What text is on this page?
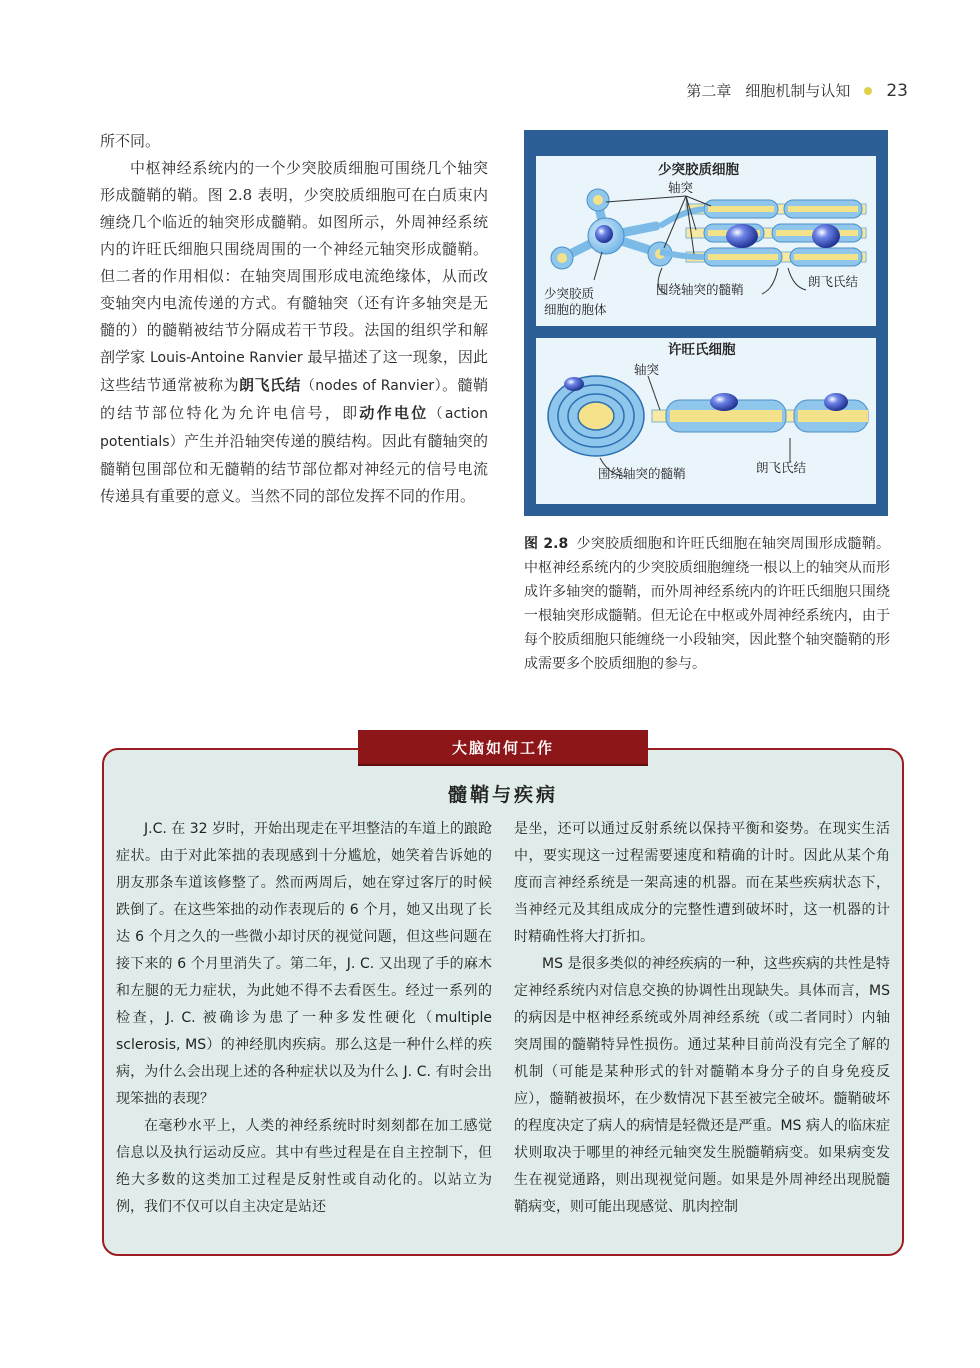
第二章 细胞机制与认知 23

所不同。

中枢神经系统内的一个少突胶质细胞可围绕几个轴突形成髓鞘的鞘。图 2.8 表明，少突胶质细胞可在白质束内缠绕几个临近的轴突形成髓鞘。如图所示，外周神经系统内的许旺氏细胞只围绕周围的一个神经元轴突形成髓鞘。但二者的作用相似：在轴突周围形成电流绝缘体，从而改变轴突内电流传递的方式。有髓轴突（还有许多轴突是无髓的）的髓鞘被结节分隔成若干节段。法国的组织学和解剖学家 Louis-Antoine Ranvier 最早描述了这一现象，因此这些结节通常被称为朗飞氏结（nodes of Ranvier）。髓鞘的结节部位特化为允许电信号，即动作电位（action potentials）产生并沿轴突传递的膜结构。因此有髓轴突的髓鞘包围部位和无髓鞘的结节部位都对神经元的信号电流传递具有重要的意义。当然不同的部位发挥不同的作用。

少突胶质细胞
轴突
少突胶质
细胞的胞体
围绕轴突的髓鞘
朗飞氏结
许旺氏细胞
轴突
围绕轴突的髓鞘	朗飞氏结
图 2.8 少突胶质细胞和许旺氏细胞在轴突周围形成髓鞘。中枢神经系统内的少突胶质细胞缠绕一根以上的轴突从而形成许多轴突的髓鞘，而外周神经系统内的许旺氏细胞只围绕一根轴突形成髓鞘。但无论在中枢或外周神经系统内，由于每个胶质细胞只能缠绕一小段轴突，因此整个轴突髓鞘的形成需要多个胶质细胞的参与。
大脑如何工作
髓鞘与疾病

J.C. 在 32 岁时，开始出现走在平坦整洁的车道上的踉跄症状。由于对此笨拙的表现感到十分尴尬，她笑着告诉她的朋友那条车道该修整了。然而两周后，她在穿过客厅的时候跌倒了。在这些笨拙的动作表现后的 6 个月，她又出现了长达 6 个月之久的一些微小却讨厌的视觉问题，但这些问题在接下来的 6 个月里消失了。第二年，J. C. 又出现了手的麻木和左腿的无力症状，为此她不得不去看医生。经过一系列的检查，J. C. 被确诊为患了一种多发性硬化（multiple sclerosis, MS）的神经肌肉疾病。那么这是一种什么样的疾病，为什么会出现上述的各种症状以及为什么 J. C. 有时会出现笨拙的表现？

在毫秒水平上，人类的神经系统时时刻刻都在加工感觉信息以及执行运动反应。其中有些过程是在自主控制下，但绝大多数的这类加工过程是反射性或自动化的。以站立为例，我们不仅可以自主决定是站还

是坐，还可以通过反射系统以保持平衡和姿势。在现实生活中，要实现这一过程需要速度和精确的计时。因此从某个角度而言神经系统是一架高速的机器。而在某些疾病状态下，当神经元及其组成成分的完整性遭到破坏时，这一机器的计时精确性将大打折扣。

MS 是很多类似的神经疾病的一种，这些疾病的共性是特定神经系统内对信息交换的协调性出现缺失。具体而言，MS 的病因是中枢神经系统或外周神经系统（或二者同时）内轴突周围的髓鞘特异性损伤。通过某种目前尚没有完全了解的机制（可能是某种形式的针对髓鞘本身分子的自身免疫反应），髓鞘被损坏，在少数情况下甚至被完全破坏。髓鞘破坏的程度决定了病人的病情是轻微还是严重。MS 病人的临床症状则取决于哪里的神经元轴突发生脱髓鞘病变。如果病变发生在视觉通路，则出现视觉问题。如果是外周神经出现脱髓鞘病变，则可能出现感觉、肌肉控制
